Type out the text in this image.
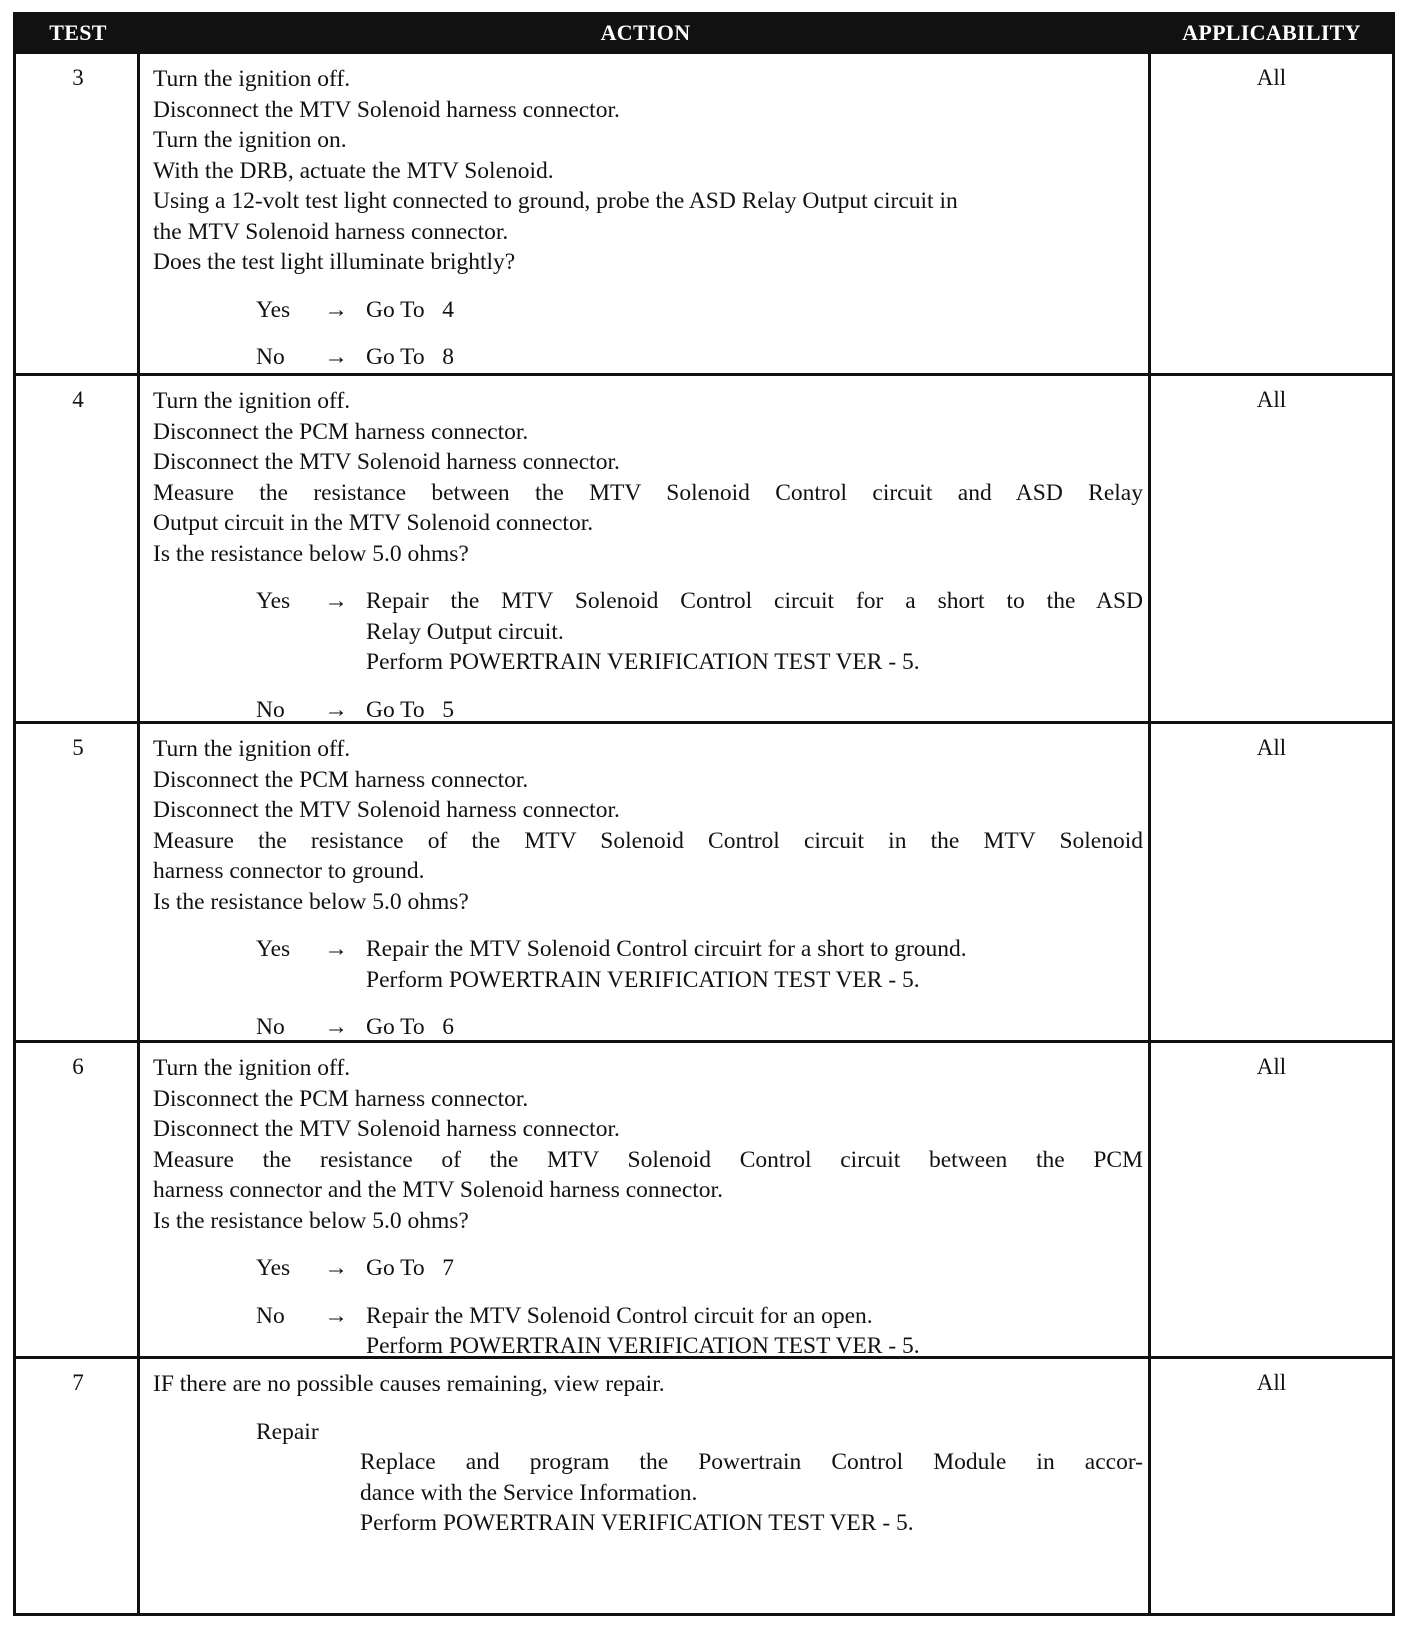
TEST	ACTION	APPLICABILITY
3	Turn the ignition off.
Disconnect the MTV Solenoid harness connector.
Turn the ignition on.
With the DRB, actuate the MTV Solenoid.
Using a 12-volt test light connected to ground, probe the ASD Relay Output circuit in
the MTV Solenoid harness connector.
Does the test light illuminate brightly?
Yes	→ Go To   4
No	→ Go To   8
All
4	Turn the ignition off.
Disconnect the PCM harness connector.
Disconnect the MTV Solenoid harness connector.
Measure the resistance between the MTV Solenoid Control circuit and ASD Relay
Output circuit in the MTV Solenoid connector.
Is the resistance below 5.0 ohms?
Yes	→ Repair the MTV Solenoid Control circuit for a short to the ASD
Relay Output circuit.
Perform POWERTRAIN VERIFICATION TEST VER - 5.
No	→ Go To   5
All
5	Turn the ignition off.
Disconnect the PCM harness connector.
Disconnect the MTV Solenoid harness connector.
Measure the resistance of the MTV Solenoid Control circuit in the MTV Solenoid
harness connector to ground.
Is the resistance below 5.0 ohms?
Yes	→ Repair the MTV Solenoid Control circuirt for a short to ground.
Perform POWERTRAIN VERIFICATION TEST VER - 5.
No	→ Go To   6
All
6	Turn the ignition off.
Disconnect the PCM harness connector.
Disconnect the MTV Solenoid harness connector.
Measure the resistance of the MTV Solenoid Control circuit between the PCM
harness connector and the MTV Solenoid harness connector.
Is the resistance below 5.0 ohms?
Yes	→ Go To   7
No	→ Repair the MTV Solenoid Control circuit for an open.
Perform POWERTRAIN VERIFICATION TEST VER - 5.
All
7	IF there are no possible causes remaining, view repair.
Repair
Replace and program the Powertrain Control Module in accor-
dance with the Service Information.
Perform POWERTRAIN VERIFICATION TEST VER - 5.
All
